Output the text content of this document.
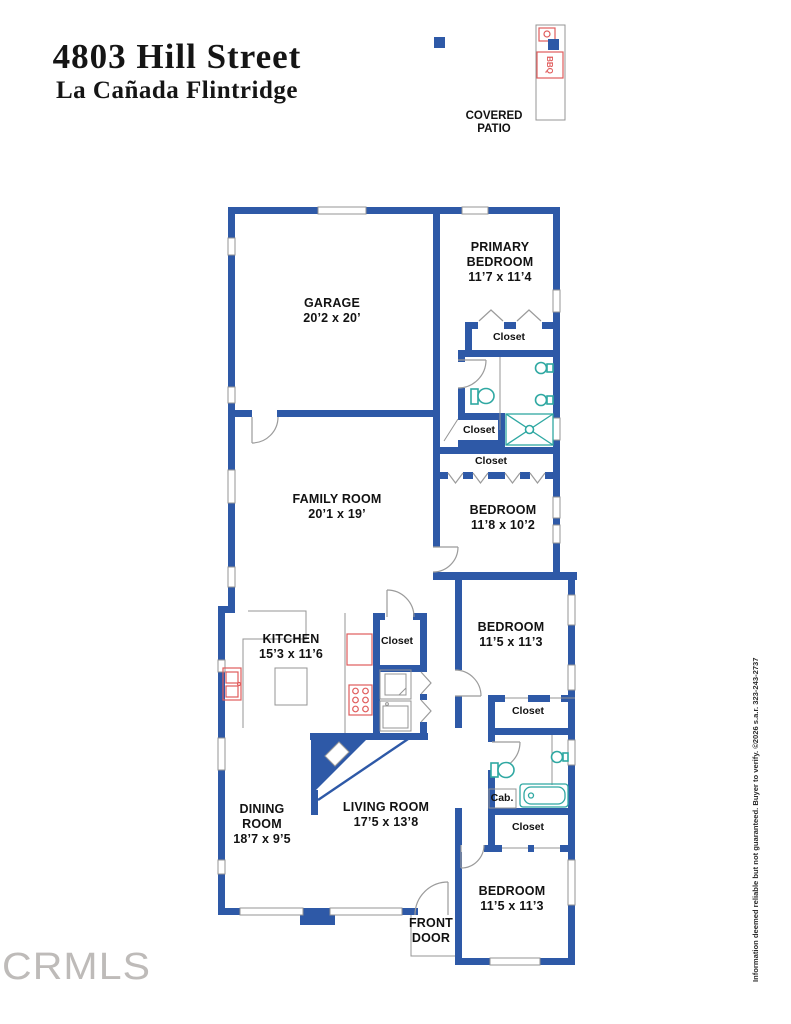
4803 Hill Street
La Cañada Flintridge
BBQ
COVERED PATIO
GARAGE
20’2 x 20’
PRIMARY BEDROOM
11’7 x 11’4
FAMILY ROOM
20’1 x 19’	BEDROOM
11’8 x 10’2
KITCHEN
15’3 x 11’6
BEDROOM
11’5 x 11’3
DINING ROOM
18’7 x 9’5
LIVING ROOM
17’5 x 13’8
BEDROOM
11’5 x 11’3
FRONT DOOR
Closet
Closet
Closet
Closet
Closet
Closet
Cab.	Information deemed reliable but not guaranteed. Buyer to verify. ©2026 s.a.r. 323-243-2737
CRMLS
